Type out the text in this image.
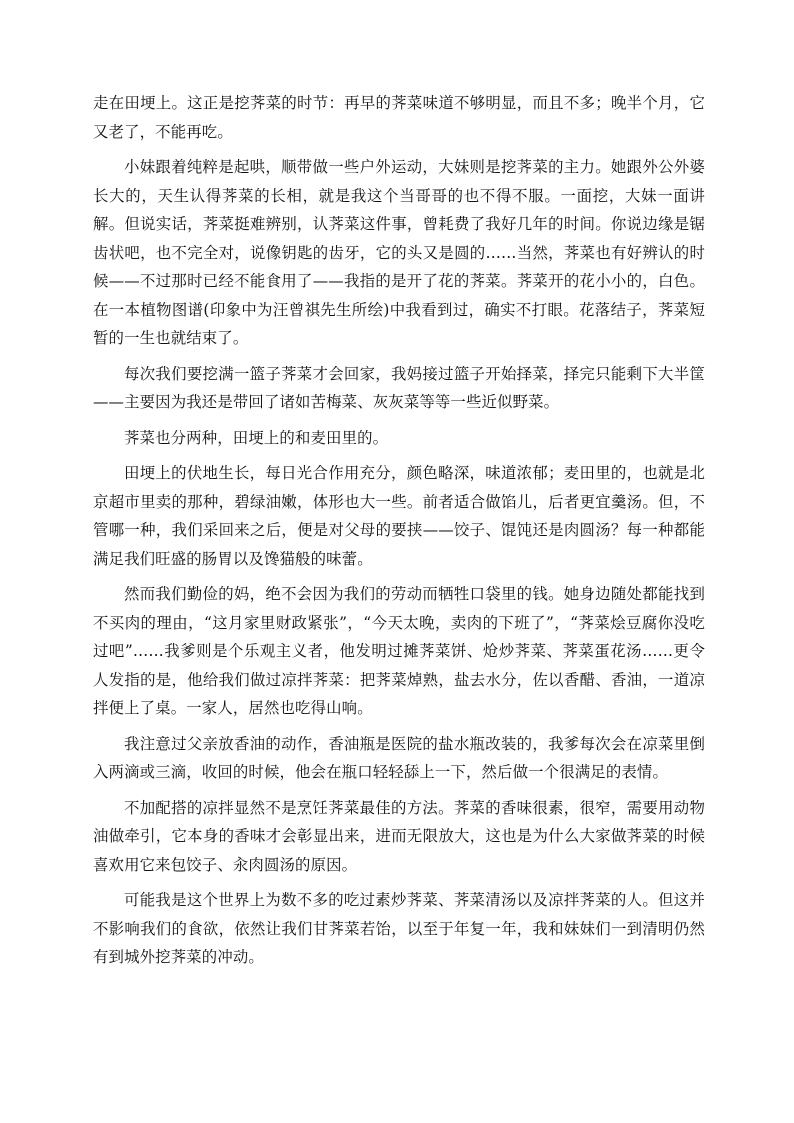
走在田埂上。这正是挖荠菜的时节：再早的荠菜味道不够明显，而且不多；晚半个月，它又老了，不能再吃。

小妹跟着纯粹是起哄，顺带做一些户外运动，大妹则是挖荠菜的主力。她跟外公外婆长大的，天生认得荠菜的长相，就是我这个当哥哥的也不得不服。一面挖，大妹一面讲解。但说实话，荠菜挺难辨别，认荠菜这件事，曾耗费了我好几年的时间。你说边缘是锯齿状吧，也不完全对，说像钥匙的齿牙，它的头又是圆的……当然，荠菜也有好辨认的时候——不过那时已经不能食用了——我指的是开了花的荠菜。荠菜开的花小小的，白色。在一本植物图谱(印象中为汪曾祺先生所绘)中我看到过，确实不打眼。花落结子，荠菜短暂的一生也就结束了。

每次我们要挖满一篮子荠菜才会回家，我妈接过篮子开始择菜，择完只能剩下大半筐——主要因为我还是带回了诸如苦梅菜、灰灰菜等等一些近似野菜。

荠菜也分两种，田埂上的和麦田里的。

田埂上的伏地生长，每日光合作用充分，颜色略深，味道浓郁；麦田里的，也就是北京超市里卖的那种，碧绿油嫩，体形也大一些。前者适合做馅儿，后者更宜羹汤。但，不管哪一种，我们采回来之后，便是对父母的要挟——饺子、馄饨还是肉圆汤？每一种都能满足我们旺盛的肠胃以及馋猫般的味蕾。

然而我们勤俭的妈，绝不会因为我们的劳动而牺牲口袋里的钱。她身边随处都能找到不买肉的理由，“这月家里财政紧张”，“今天太晚，卖肉的下班了”，“荠菜烩豆腐你没吃过吧”……我爹则是个乐观主义者，他发明过摊荠菜饼、炝炒荠菜、荠菜蛋花汤……更令人发指的是，他给我们做过凉拌荠菜：把荠菜焯熟，盐去水分，佐以香醋、香油，一道凉拌便上了桌。一家人，居然也吃得山响。

我注意过父亲放香油的动作，香油瓶是医院的盐水瓶改装的，我爹每次会在凉菜里倒入两滴或三滴，收回的时候，他会在瓶口轻轻舔上一下，然后做一个很满足的表情。

不加配搭的凉拌显然不是烹饪荠菜最佳的方法。荠菜的香味很素，很窄，需要用动物油做牵引，它本身的香味才会彰显出来，进而无限放大，这也是为什么大家做荠菜的时候喜欢用它来包饺子、汆肉圆汤的原因。

可能我是这个世界上为数不多的吃过素炒荠菜、荠菜清汤以及凉拌荠菜的人。但这并不影响我们的食欲，依然让我们甘荠菜若饴，以至于年复一年，我和妹妹们一到清明仍然有到城外挖荠菜的冲动。
